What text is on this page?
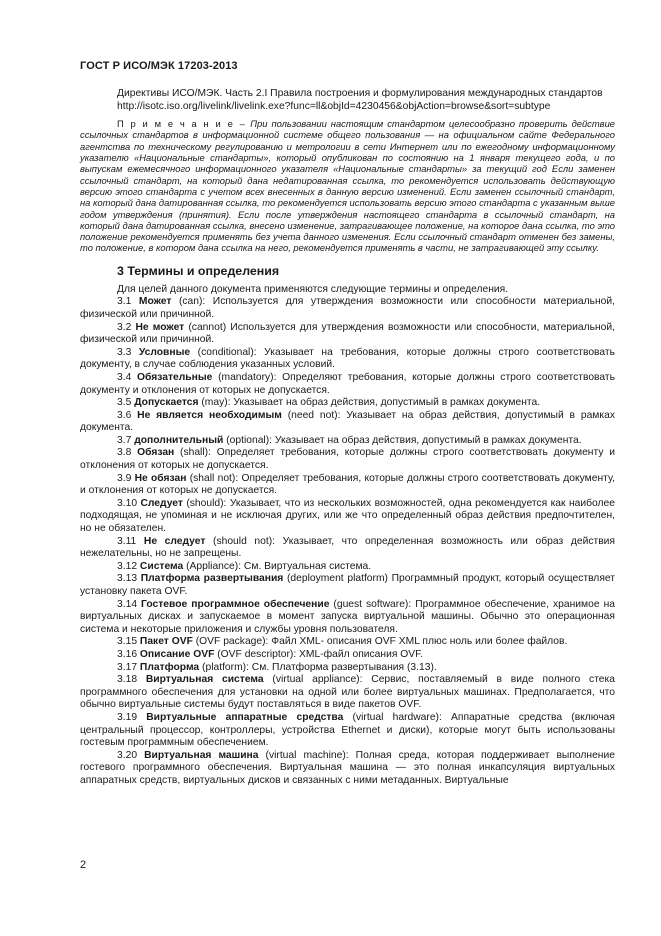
ГОСТ Р ИСО/МЭК 17203-2013

Директивы ИСО/МЭК. Часть 2.I Правила построения и формулирования международных стандартов

http://isotc.iso.org/livelink/livelink.exe?func=ll&objId=4230456&objAction=browse&sort=subtype

П р и м е ч а н и е – При пользовании настоящим стандартом целесообразно проверить действие ссылочных стандартов в информационной системе общего пользования — на официальном сайте Федерального агентства по техническому регулированию и метрологии в сети Интернет или по ежегодному информационному указателю «Национальные стандарты», который опубликован по состоянию на 1 января текущего года, и по выпускам ежемесячного информационного указателя «Национальные стандарты» за текущий год Если заменен ссылочный стандарт, на который дана недатированная ссылка, то рекомендуется использовать действующую версию этого стандарта с учетом всех внесенных в данную версию изменений. Если заменен ссылочный стандарт, на который дана датированная ссылка, то рекомендуется использовать версию этого стандарта с указанным выше годом утверждения (принятия). Если после утверждения настоящего стандарта в ссылочный стандарт, на который дана датированная ссылка, внесено изменение, затрагивающее положение, на которое дана ссылка, то это положение рекомендуется применять без учета данного изменения. Если ссылочный стандарт отменен без замены, то положение, в котором дана ссылка на него, рекомендуется применять в части, не затрагивающей эту ссылку.

3 Термины и определения

Для целей данного документа применяются следующие термины и определения.

3.1 Может (can): Используется для утверждения возможности или способности материальной, физической или причинной.

3.2 Не может (cannot) Используется для утверждения возможности или способности, материальной, физической или причинной.

3.3 Условные (conditional): Указывает на требования, которые должны строго соответствовать документу, в случае соблюдения указанных условий.

3.4 Обязательные (mandatory): Определяют требования, которые должны строго соответствовать документу и отклонения от которых не допускается.

3.5 Допускается (may): Указывает на образ действия, допустимый в рамках документа.

3.6 Не является необходимым (need not): Указывает на образ действия, допустимый в рамках документа.

3.7 дополнительный (optional): Указывает на образ действия, допустимый в рамках документа.

3.8 Обязан (shall): Определяет требования, которые должны строго соответствовать документу и отклонения от которых не допускается.

3.9 Не обязан (shall not): Определяет требования, которые должны строго соответствовать документу, и отклонения от которых не допускается.

3.10 Следует (should): Указывает, что из нескольких возможностей, одна рекомендуется как наиболее подходящая, не упоминая и не исключая других, или же что определенный образ действия предпочтителен, но не обязателен.

3.11 Не следует (should not): Указывает, что определенная возможность или образ действия нежелательны, но не запрещены.

3.12 Система (Appliance): См. Виртуальная система.

3.13 Платформа развертывания (deployment platform) Программный продукт, который осуществляет установку пакета OVF.

3.14 Гостевое программное обеспечение (guest software): Программное обеспечение, хранимое на виртуальных дисках и запускаемое в момент запуска виртуальной машины. Обычно это операционная система и некоторые приложения и службы уровня пользователя.

3.15 Пакет OVF (OVF package): Файл XML- описания OVF XML плюс ноль или более файлов.

3.16 Описание OVF (OVF descriptor): XML-файл описания OVF.

3.17 Платформа (platform): См. Платформа развертывания (3.13).

3.18 Виртуальная система (virtual appliance): Сервис, поставляемый в виде полного стека программного обеспечения для установки на одной или более виртуальных машинах. Предполагается, что обычно виртуальные системы будут поставляться в виде пакетов OVF.

3.19 Виртуальные аппаратные средства (virtual hardware): Аппаратные средства (включая центральный процессор, контроллеры, устройства Ethernet и диски), которые могут быть использованы гостевым программным обеспечением.

3.20 Виртуальная машина (virtual machine): Полная среда, которая поддерживает выполнение гостевого программного обеспечения. Виртуальная машина — это полная инкапсуляция виртуальных аппаратных средств, виртуальных дисков и связанных с ними метаданных. Виртуальные

2
